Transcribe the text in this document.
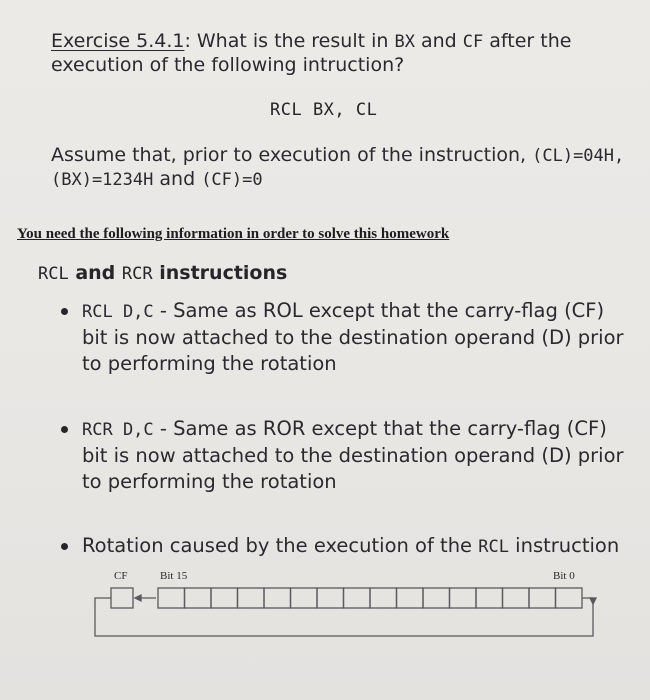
Exercise 5.4.1: What is the result in BX and CF after the
execution of the following intruction?
RCL BX, CL
Assume that, prior to execution of the instruction, (CL)=04H,
(BX)=1234H and (CF)=0
You need the following information in order to solve this homework
RCL and RCR instructions
RCL D,C - Same as ROL except that the carry-flag (CF)
bit is now attached to the destination operand (D) prior
to performing the rotation
RCR D,C - Same as ROR except that the carry-flag (CF)
bit is now attached to the destination operand (D) prior
to performing the rotation
Rotation caused by the execution of the RCL instruction
CF	Bit 15	Bit 0
